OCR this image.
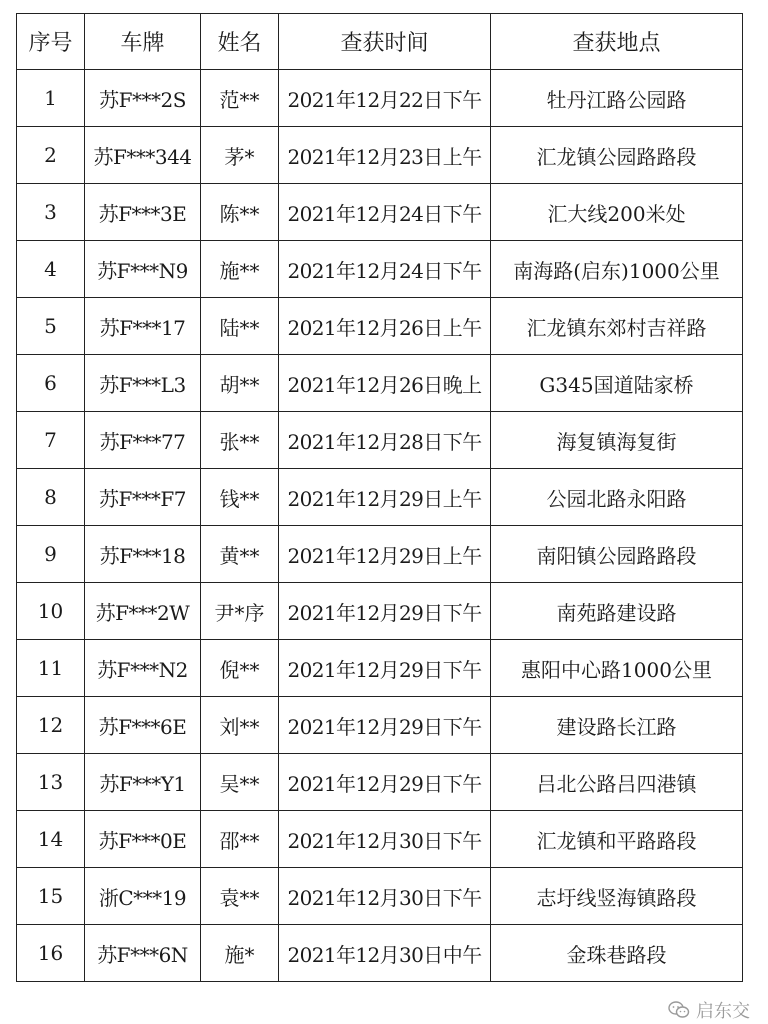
序号	车牌	姓名	查获时间	查获地点
1	苏F***2S	范**	2021年12月22日下午	牡丹江路公园路
2	苏F***344	茅*	2021年12月23日上午	汇龙镇公园路路段
3	苏F***3E	陈**	2021年12月24日下午	汇大线200米处
4	苏F***N9	施**	2021年12月24日下午	南海路(启东)1000公里
5	苏F***17	陆**	2021年12月26日上午	汇龙镇东郊村吉祥路
6	苏F***L3	胡**	2021年12月26日晚上	G345国道陆家桥
7	苏F***77	张**	2021年12月28日下午	海复镇海复街
8	苏F***F7	钱**	2021年12月29日上午	公园北路永阳路
9	苏F***18	黄**	2021年12月29日上午	南阳镇公园路路段
10	苏F***2W	尹*序	2021年12月29日下午	南苑路建设路
11	苏F***N2	倪**	2021年12月29日下午	惠阳中心路1000公里
12	苏F***6E	刘**	2021年12月29日下午	建设路长江路
13	苏F***Y1	吴**	2021年12月29日下午	吕北公路吕四港镇
14	苏F***0E	邵**	2021年12月30日下午	汇龙镇和平路路段
15	浙C***19	袁**	2021年12月30日下午	志圩线竖海镇路段
16	苏F***6N	施*	2021年12月30日中午	金珠巷路段
启东交
